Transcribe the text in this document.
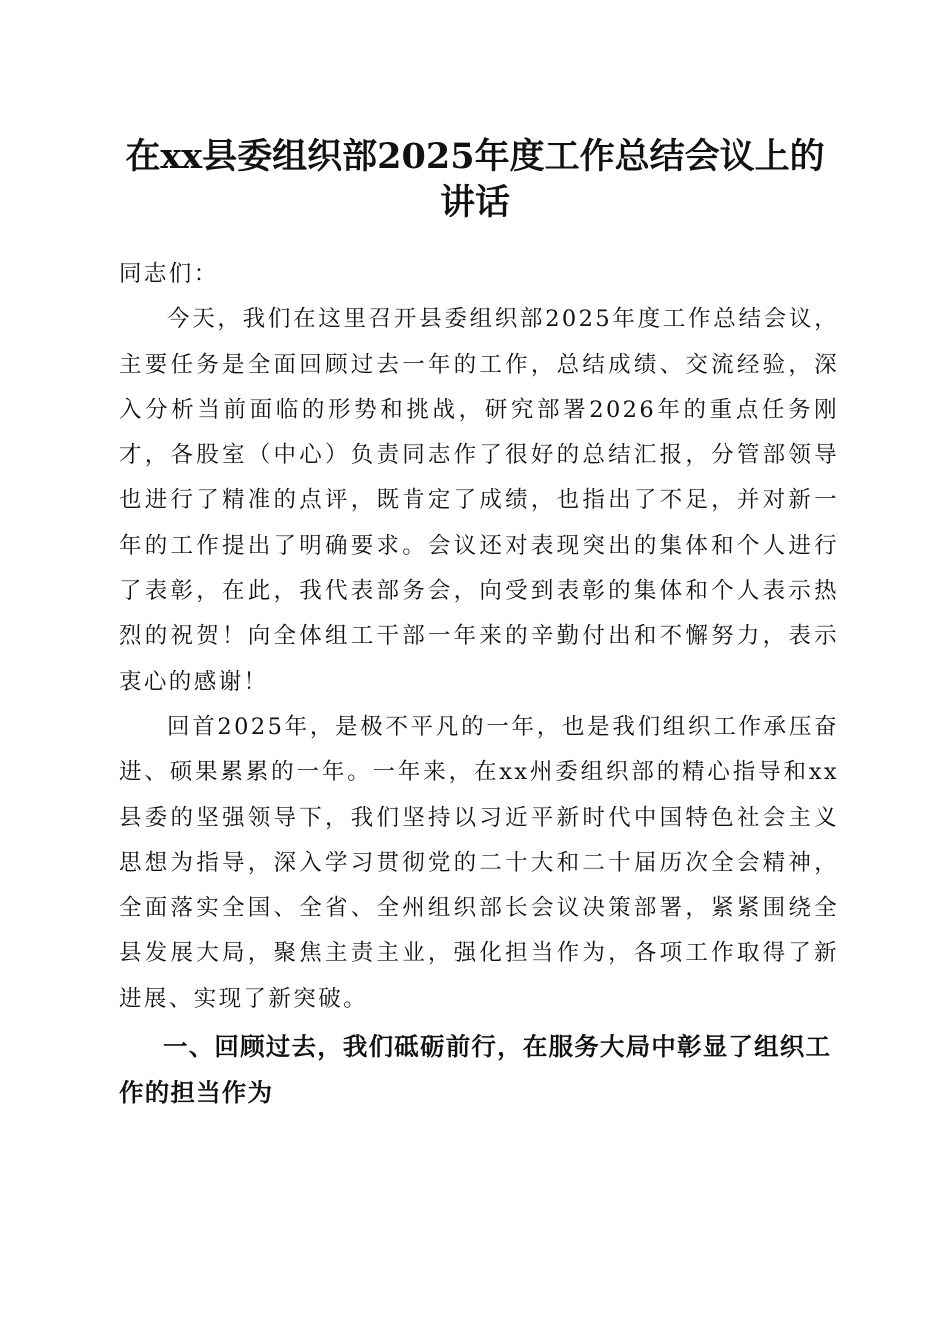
在xx县委组织部2025年度工作总结会议上的
讲话

同志们：

今天，我们在这里召开县委组织部2025年度工作总结会议，主要任务是全面回顾过去一年的工作，总结成绩、交流经验，深入分析当前面临的形势和挑战，研究部署2026年的重点任务刚才，各股室（中心）负责同志作了很好的总结汇报，分管部领导也进行了精准的点评，既肯定了成绩，也指出了不足，并对新一年的工作提出了明确要求。会议还对表现突出的集体和个人进行了表彰，在此，我代表部务会，向受到表彰的集体和个人表示热烈的祝贺！向全体组工干部一年来的辛勤付出和不懈努力，表示衷心的感谢！

回首2025年，是极不平凡的一年，也是我们组织工作承压奋进、硕果累累的一年。一年来，在xx州委组织部的精心指导和xx县委的坚强领导下，我们坚持以习近平新时代中国特色社会主义思想为指导，深入学习贯彻党的二十大和二十届历次全会精神，全面落实全国、全省、全州组织部长会议决策部署，紧紧围绕全县发展大局，聚焦主责主业，强化担当作为，各项工作取得了新进展、实现了新突破。

一、回顾过去，我们砥砺前行，在服务大局中彰显了组织工作的担当作为
